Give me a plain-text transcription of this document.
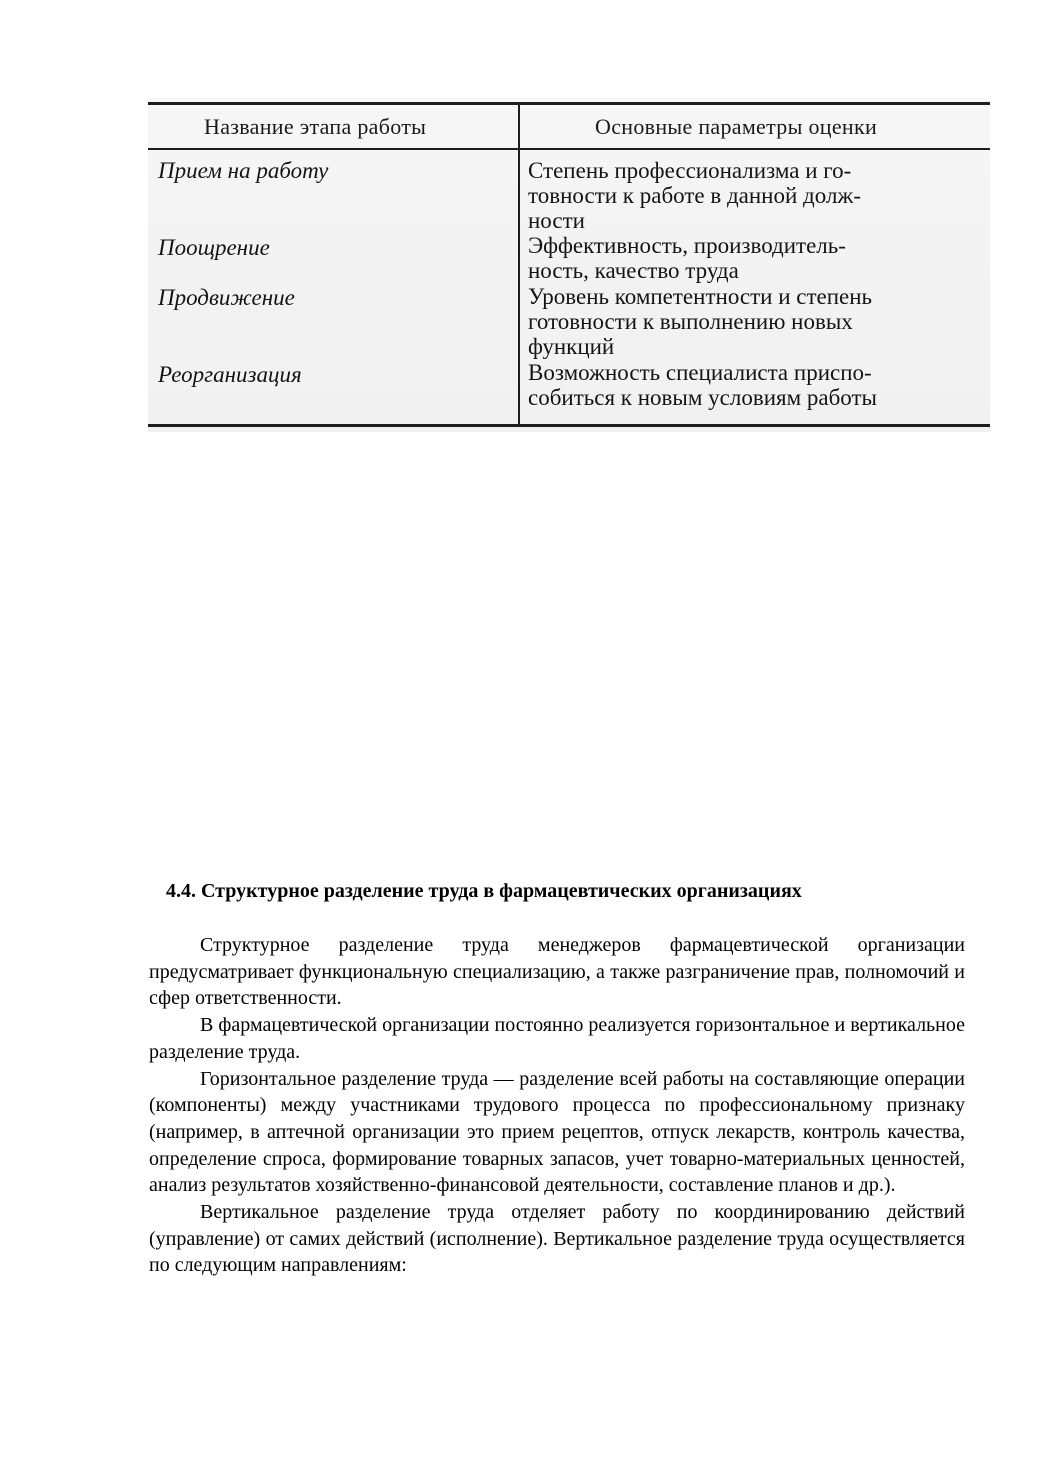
Название этапа работы	Основные параметры оценки
Прием на работу	Степень профессионализма и го-
товности к работе в данной долж-
ности
Поощрение	Эффективность, производитель-
ность, качество труда
Продвижение	Уровень компетентности и степень
готовности к выполнению новых
функций
Реорганизация	Возможность специалиста приспо-
собиться к новым условиям работы
4.4. Структурное разделение труда в фармацевтических организациях

Структурное разделение труда менеджеров фармацевтической организации предусматривает функциональную специализацию, а также разграничение прав, полномочий и сфер ответственности.

В фармацевтической организации постоянно реализуется горизонтальное и вертикальное разделение труда.

Горизонтальное разделение труда — разделение всей работы на составляющие операции (компоненты) между участниками трудового процесса по профессиональному признаку (например, в аптечной организации это прием рецептов, отпуск лекарств, контроль качества, определение спроса, формирование товарных запасов, учет товарно-материальных ценностей, анализ результатов хозяйственно-финансовой деятельности, составление планов и др.).

Вертикальное разделение труда отделяет работу по координированию действий (управление) от самих действий (исполнение). Вертикальное разделение труда осуществляется по следующим направлениям:
